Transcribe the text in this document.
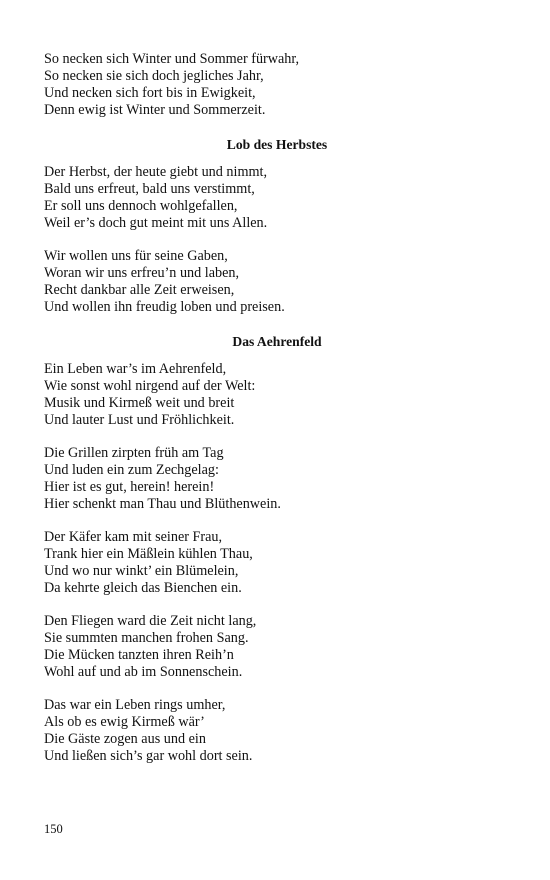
So necken sich Winter und Sommer fürwahr,
So necken sie sich doch jegliches Jahr,
Und necken sich fort bis in Ewigkeit,
Denn ewig ist Winter und Sommerzeit.
Lob des Herbstes
Der Herbst, der heute giebt und nimmt,
Bald uns erfreut, bald uns verstimmt,
Er soll uns dennoch wohlgefallen,
Weil er’s doch gut meint mit uns Allen.
Wir wollen uns für seine Gaben,
Woran wir uns erfreu’n und laben,
Recht dankbar alle Zeit erweisen,
Und wollen ihn freudig loben und preisen.
Das Aehrenfeld
Ein Leben war’s im Aehrenfeld,
Wie sonst wohl nirgend auf der Welt:
Musik und Kirmeß weit und breit
Und lauter Lust und Fröhlichkeit.
Die Grillen zirpten früh am Tag
Und luden ein zum Zechgelag:
Hier ist es gut, herein! herein!
Hier schenkt man Thau und Blüthenwein.
Der Käfer kam mit seiner Frau,
Trank hier ein Mäßlein kühlen Thau,
Und wo nur winkt’ ein Blümelein,
Da kehrte gleich das Bienchen ein.
Den Fliegen ward die Zeit nicht lang,
Sie summten manchen frohen Sang.
Die Mücken tanzten ihren Reih’n
Wohl auf und ab im Sonnenschein.
Das war ein Leben rings umher,
Als ob es ewig Kirmeß wär’
Die Gäste zogen aus und ein
Und ließen sich’s gar wohl dort sein.
150
